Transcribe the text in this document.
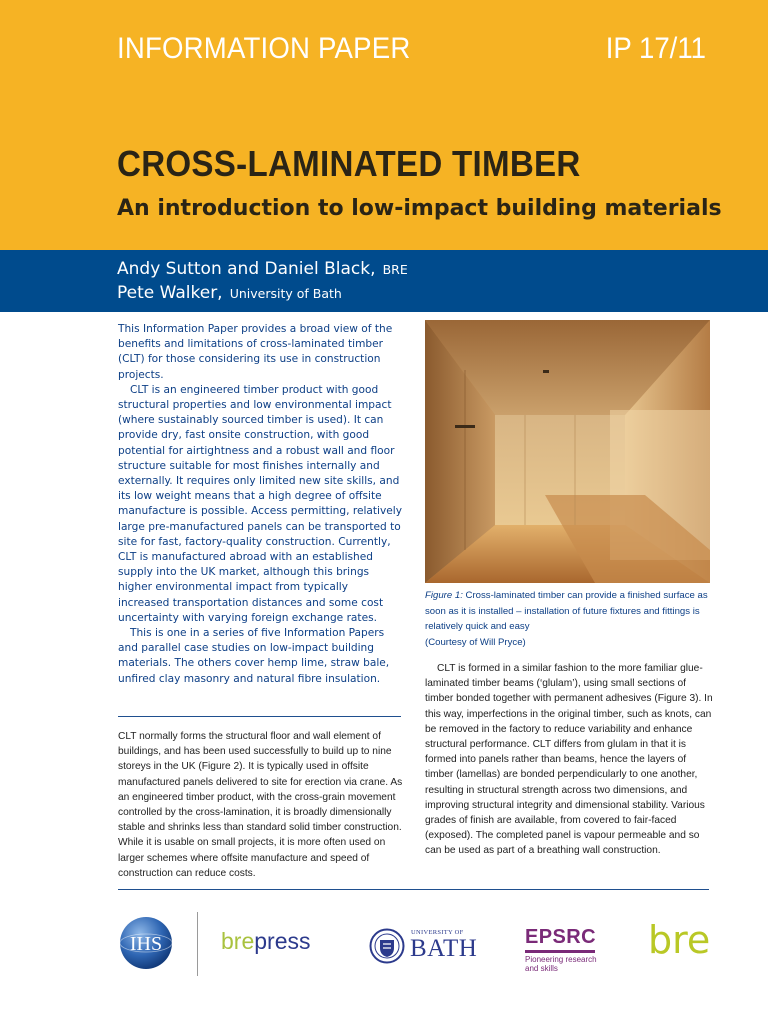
INFORMATION PAPER	IP 17/11
CROSS-LAMINATED TIMBER
An introduction to low-impact building materials
Andy Sutton and Daniel Black, BRE
Pete Walker, University of Bath

This Information Paper provides a broad view of the benefits and limitations of cross-laminated timber (CLT) for those considering its use in construction projects.

CLT is an engineered timber product with good structural properties and low environmental impact (where sustainably sourced timber is used). It can provide dry, fast onsite construction, with good potential for airtightness and a robust wall and floor structure suitable for most finishes internally and externally. It requires only limited new site skills, and its low weight means that a high degree of offsite manufacture is possible. Access permitting, relatively large pre-manufactured panels can be transported to site for fast, factory-quality construction. Currently, CLT is manufactured abroad with an established supply into the UK market, although this brings higher environmental impact from typically increased transportation distances and some cost uncertainty with varying foreign exchange rates.

This is one in a series of five Information Papers and parallel case studies on low-impact building materials. The others cover hemp lime, straw bale, unfired clay masonry and natural fibre insulation.

Figure 1: Cross-laminated timber can provide a finished surface as soon as it is installed – installation of future fixtures and fittings is relatively quick and easy
(Courtesy of Will Pryce)

CLT normally forms the structural floor and wall element of buildings, and has been used successfully to build up to nine storeys in the UK (Figure 2). It is typically used in offsite manufactured panels delivered to site for erection via crane. As an engineered timber product, with the cross-grain movement controlled by the cross-lamination, it is broadly dimensionally stable and shrinks less than standard solid timber construction. While it is usable on small projects, it is more often used on larger schemes where offsite manufacture and speed of construction can reduce costs.

CLT is formed in a similar fashion to the more familiar glue-laminated timber beams (‘glulam’), using small sections of timber bonded together with permanent adhesives (Figure 3). In this way, imperfections in the original timber, such as knots, can be removed in the factory to reduce variability and enhance structural performance. CLT differs from glulam in that it is formed into panels rather than beams, hence the layers of timber (lamellas) are bonded perpendicularly to one another, resulting in structural strength across two dimensions, and improving structural integrity and dimensional stability. Various grades of finish are available, from covered to fair-faced (exposed). The completed panel is vapour permeable and so can be used as part of a breathing wall construction.

IHS	brepress	UNIVERSITY OF
BATH EPSRC
Pioneering research and skills
bre
